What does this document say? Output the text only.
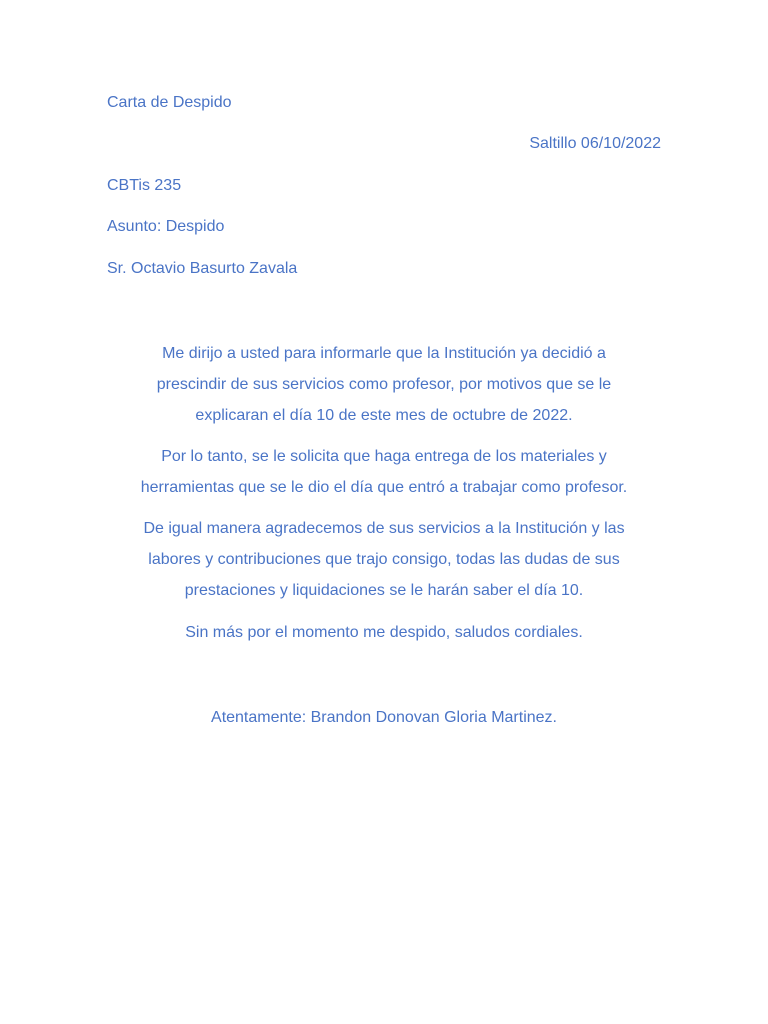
Carta de Despido
Saltillo 06/10/2022
CBTis 235
Asunto: Despido
Sr. Octavio Basurto Zavala

Me dirijo a usted para informarle que la Institución ya decidió a

prescindir de sus servicios como profesor, por motivos que se le

explicaran el día 10 de este mes de octubre de 2022.

Por lo tanto, se le solicita que haga entrega de los materiales y

herramientas que se le dio el día que entró a trabajar como profesor.

De igual manera agradecemos de sus servicios a la Institución y las

labores y contribuciones que trajo consigo, todas las dudas de sus

prestaciones y liquidaciones se le harán saber el día 10.

Sin más por el momento me despido, saludos cordiales.

Atentamente: Brandon Donovan Gloria Martinez.
